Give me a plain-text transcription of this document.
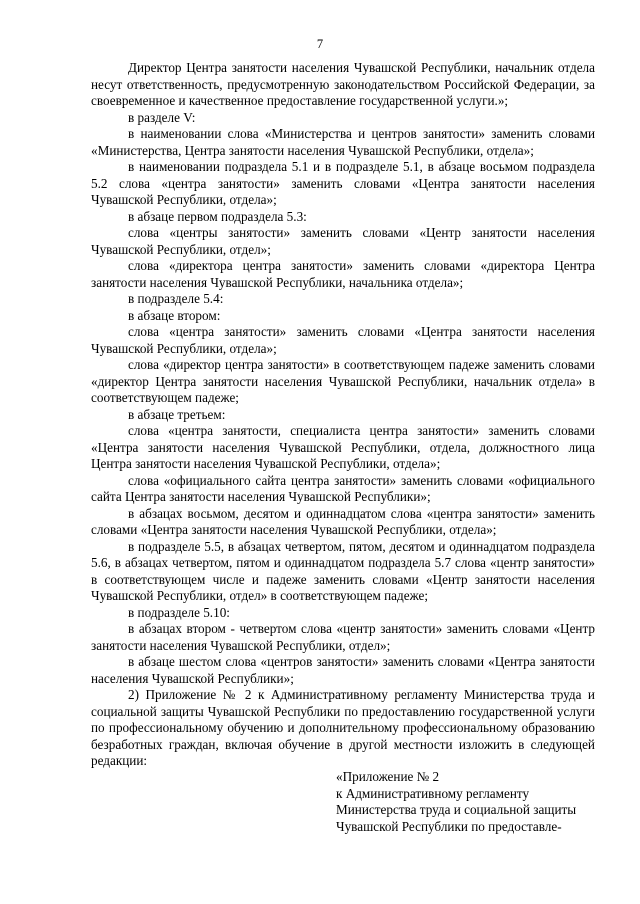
7

Директор Центра занятости населения Чувашской Республики, начальник отдела несут ответственность, предусмотренную законодательством Российской Федерации, за своевременное и качественное предоставление государственной услуги.»;

в разделе V:

в наименовании слова «Министерства и центров занятости» заменить словами «Министерства, Центра занятости населения Чувашской Республики, отдела»;

в наименовании подраздела 5.1 и в подразделе 5.1, в абзаце восьмом подраздела 5.2 слова «центра занятости» заменить словами «Центра занятости населения Чувашской Республики, отдела»;

в абзаце первом подраздела 5.3:

слова «центры занятости» заменить словами «Центр занятости населения Чувашской Республики, отдел»;

слова «директора центра занятости» заменить словами «директора Центра занятости населения Чувашской Республики, начальника отдела»;

в подразделе 5.4:

в абзаце втором:

слова «центра занятости» заменить словами «Центра занятости населения Чувашской Республики, отдела»;

слова «директор центра занятости» в соответствующем падеже заменить словами «директор Центра занятости населения Чувашской Республики, начальник отдела» в соответствующем падеже;

в абзаце третьем:

слова «центра занятости, специалиста центра занятости» заменить словами «Центра занятости населения Чувашской Республики, отдела, должностного лица Центра занятости населения Чувашской Республики, отдела»;

слова «официального сайта центра занятости» заменить словами «официального сайта Центра занятости населения Чувашской Республики»;

в абзацах восьмом, десятом и одиннадцатом слова «центра занятости» заменить словами «Центра занятости населения Чувашской Республики, отдела»;

в подразделе 5.5, в абзацах четвертом, пятом, десятом и одиннадцатом подраздела 5.6, в абзацах четвертом, пятом и одиннадцатом подраздела 5.7 слова «центр занятости» в соответствующем числе и падеже заменить словами «Центр занятости населения Чувашской Республики, отдел» в соответствующем падеже;

в подразделе 5.10:

в абзацах втором - четвертом слова «центр занятости» заменить словами «Центр занятости населения Чувашской Республики, отдел»;

в абзаце шестом слова «центров занятости» заменить словами «Центра занятости населения Чувашской Республики»;

2) Приложение № 2 к Административному регламенту Министерства труда и социальной защиты Чувашской Республики по предоставлению государственной услуги по профессиональному обучению и дополнительному профессиональному образованию безработных граждан, включая обучение в другой местности изложить в следующей редакции:

«Приложение № 2
к Административному регламенту
Министерства труда и социальной защиты
Чувашской Республики по предоставле-
